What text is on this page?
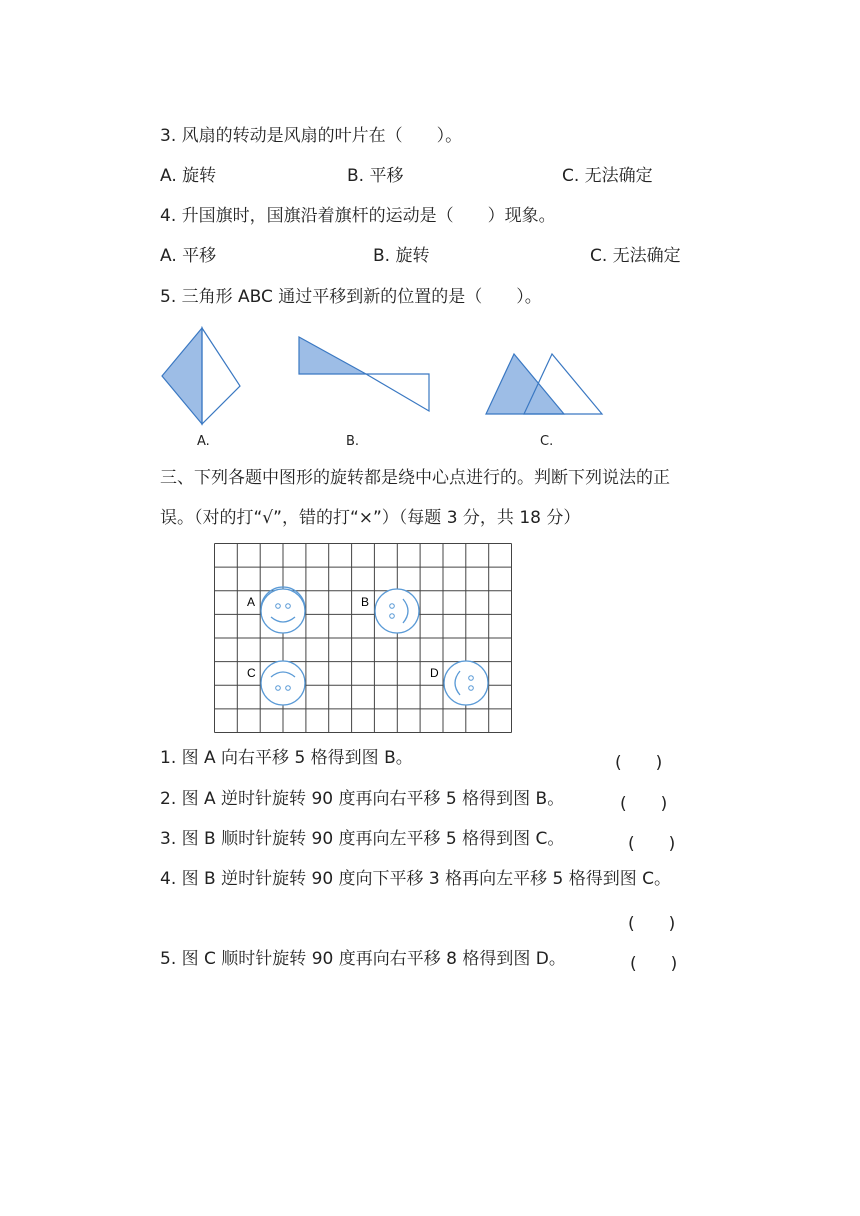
3. 风扇的转动是风扇的叶片在（　　）。
A. 旋转	B. 平移	C. 无法确定
4. 升国旗时，国旗沿着旗杆的运动是（　　）现象。
A. 平移	B. 旋转	C. 无法确定
5. 三角形 ABC 通过平移到新的位置的是（　　）。
A.	B.	C.
三、下列各题中图形的旋转都是绕中心点进行的。判断下列说法的正
误。（对的打“√”，错的打“×”）（每题 3 分，共 18 分）
A	B
C	D
1. 图 A 向右平移 5 格得到图 B。	(　　)
2. 图 A 逆时针旋转 90 度再向右平移 5 格得到图 B。	(　　)
3. 图 B 顺时针旋转 90 度再向左平移 5 格得到图 C。	(　　)
4. 图 B 逆时针旋转 90 度向下平移 3 格再向左平移 5 格得到图 C。
(　　)
5. 图 C 顺时针旋转 90 度再向右平移 8 格得到图 D。	(　　)
